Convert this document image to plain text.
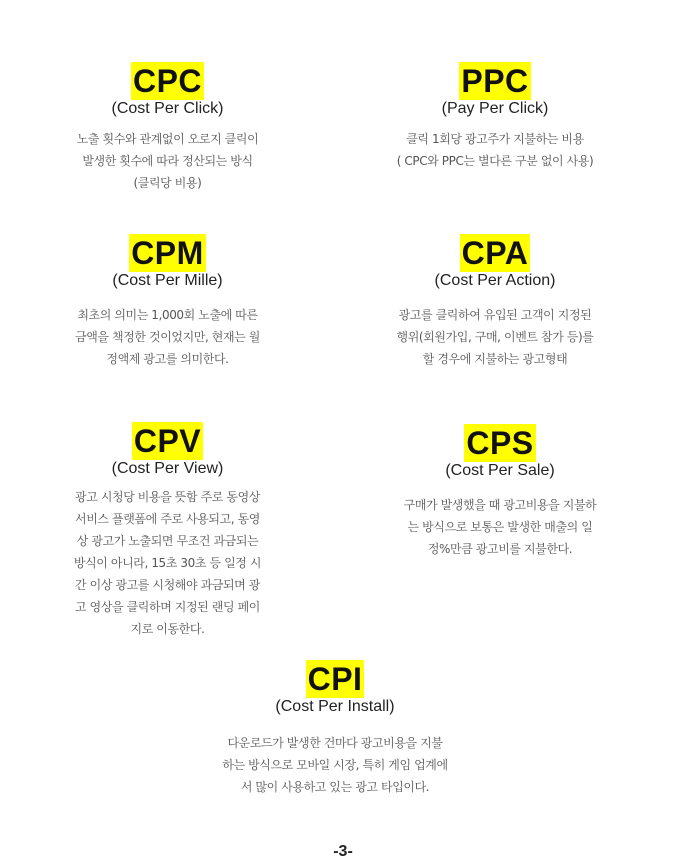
CPC
(Cost Per Click)
노출 횟수와 관계없이 오로지 클릭이
발생한 횟수에 따라 정산되는 방식
(클릭당 비용)
PPC
(Pay Per Click)
클릭 1회당 광고주가 지불하는 비용
( CPC와 PPC는 별다른 구분 없이 사용)
CPM
(Cost Per Mille)
최초의 의미는 1,000회 노출에 따른
금액을 책정한 것이었지만, 현재는 월
정액제 광고를 의미한다.
CPA
(Cost Per Action)
광고를 클릭하여 유입된 고객이 지정된
행위(회원가입, 구매, 이벤트 참가 등)를
할 경우에 지불하는 광고형태
CPV
(Cost Per View)
광고 시청당 비용을 뜻함 주로 동영상
서비스 플랫폼에 주로 사용되고, 동영
상 광고가 노출되면 무조건 과금되는
방식이 아니라, 15초 30초 등 일정 시
간 이상 광고를 시청해야 과금되며 광
고 영상을 클릭하며 지정된 랜딩 페이
지로 이동한다.
CPS
(Cost Per Sale)
구매가 발생했을 때 광고비용을 지불하
는 방식으로 보통은 발생한 매출의 일
정%만큼 광고비를 지불한다.
CPI
(Cost Per Install)
다운로드가 발생한 건마다 광고비용을 지불
하는 방식으로 모바일 시장, 특히 게임 업계에
서 많이 사용하고 있는 광고 타입이다.
-3-
